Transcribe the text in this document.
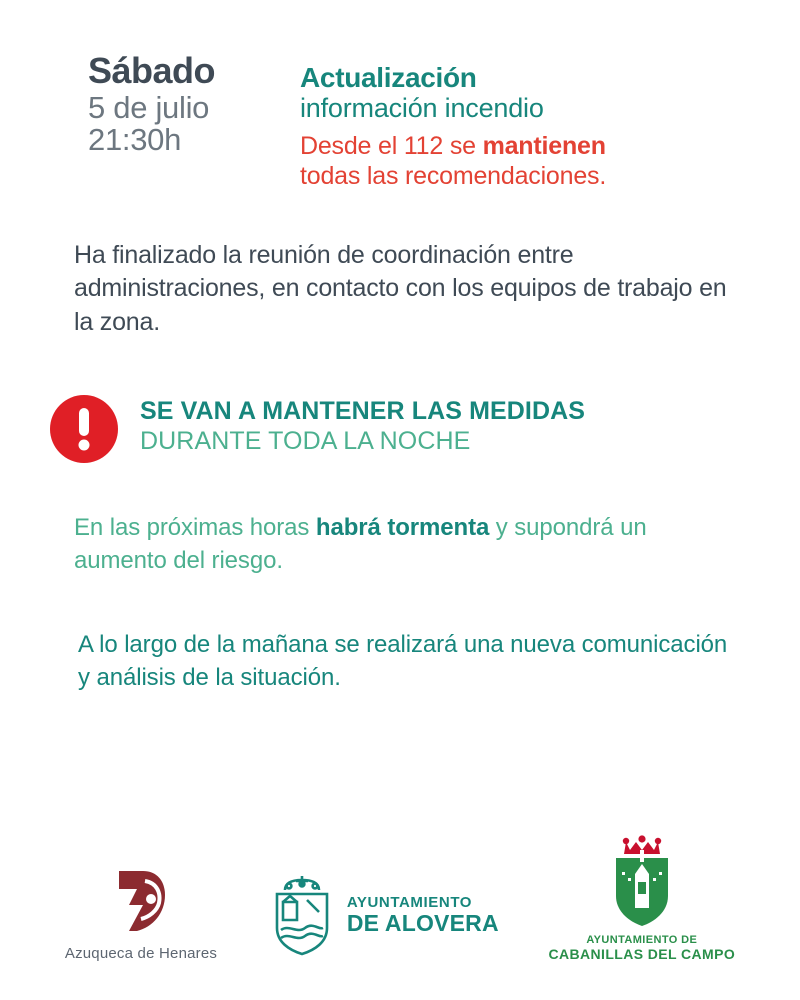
Sábado
5 de julio
21:30h
Actualización
información incendio
Desde el 112 se mantienen
todas las recomendaciones.

Ha finalizado la reunión de coordinación entre administraciones, en contacto con los equipos de trabajo en la zona.

SE VAN A MANTENER LAS MEDIDAS
DURANTE TODA LA NOCHE

En las próximas horas habrá tormenta y supondrá un aumento del riesgo.

A lo largo de la mañana se realizará una nueva comunicación y análisis de la situación.

Azuqueca de Henares
AYUNTAMIENTO
DE ALOVERA
AYUNTAMIENTO DE
CABANILLAS DEL CAMPO
